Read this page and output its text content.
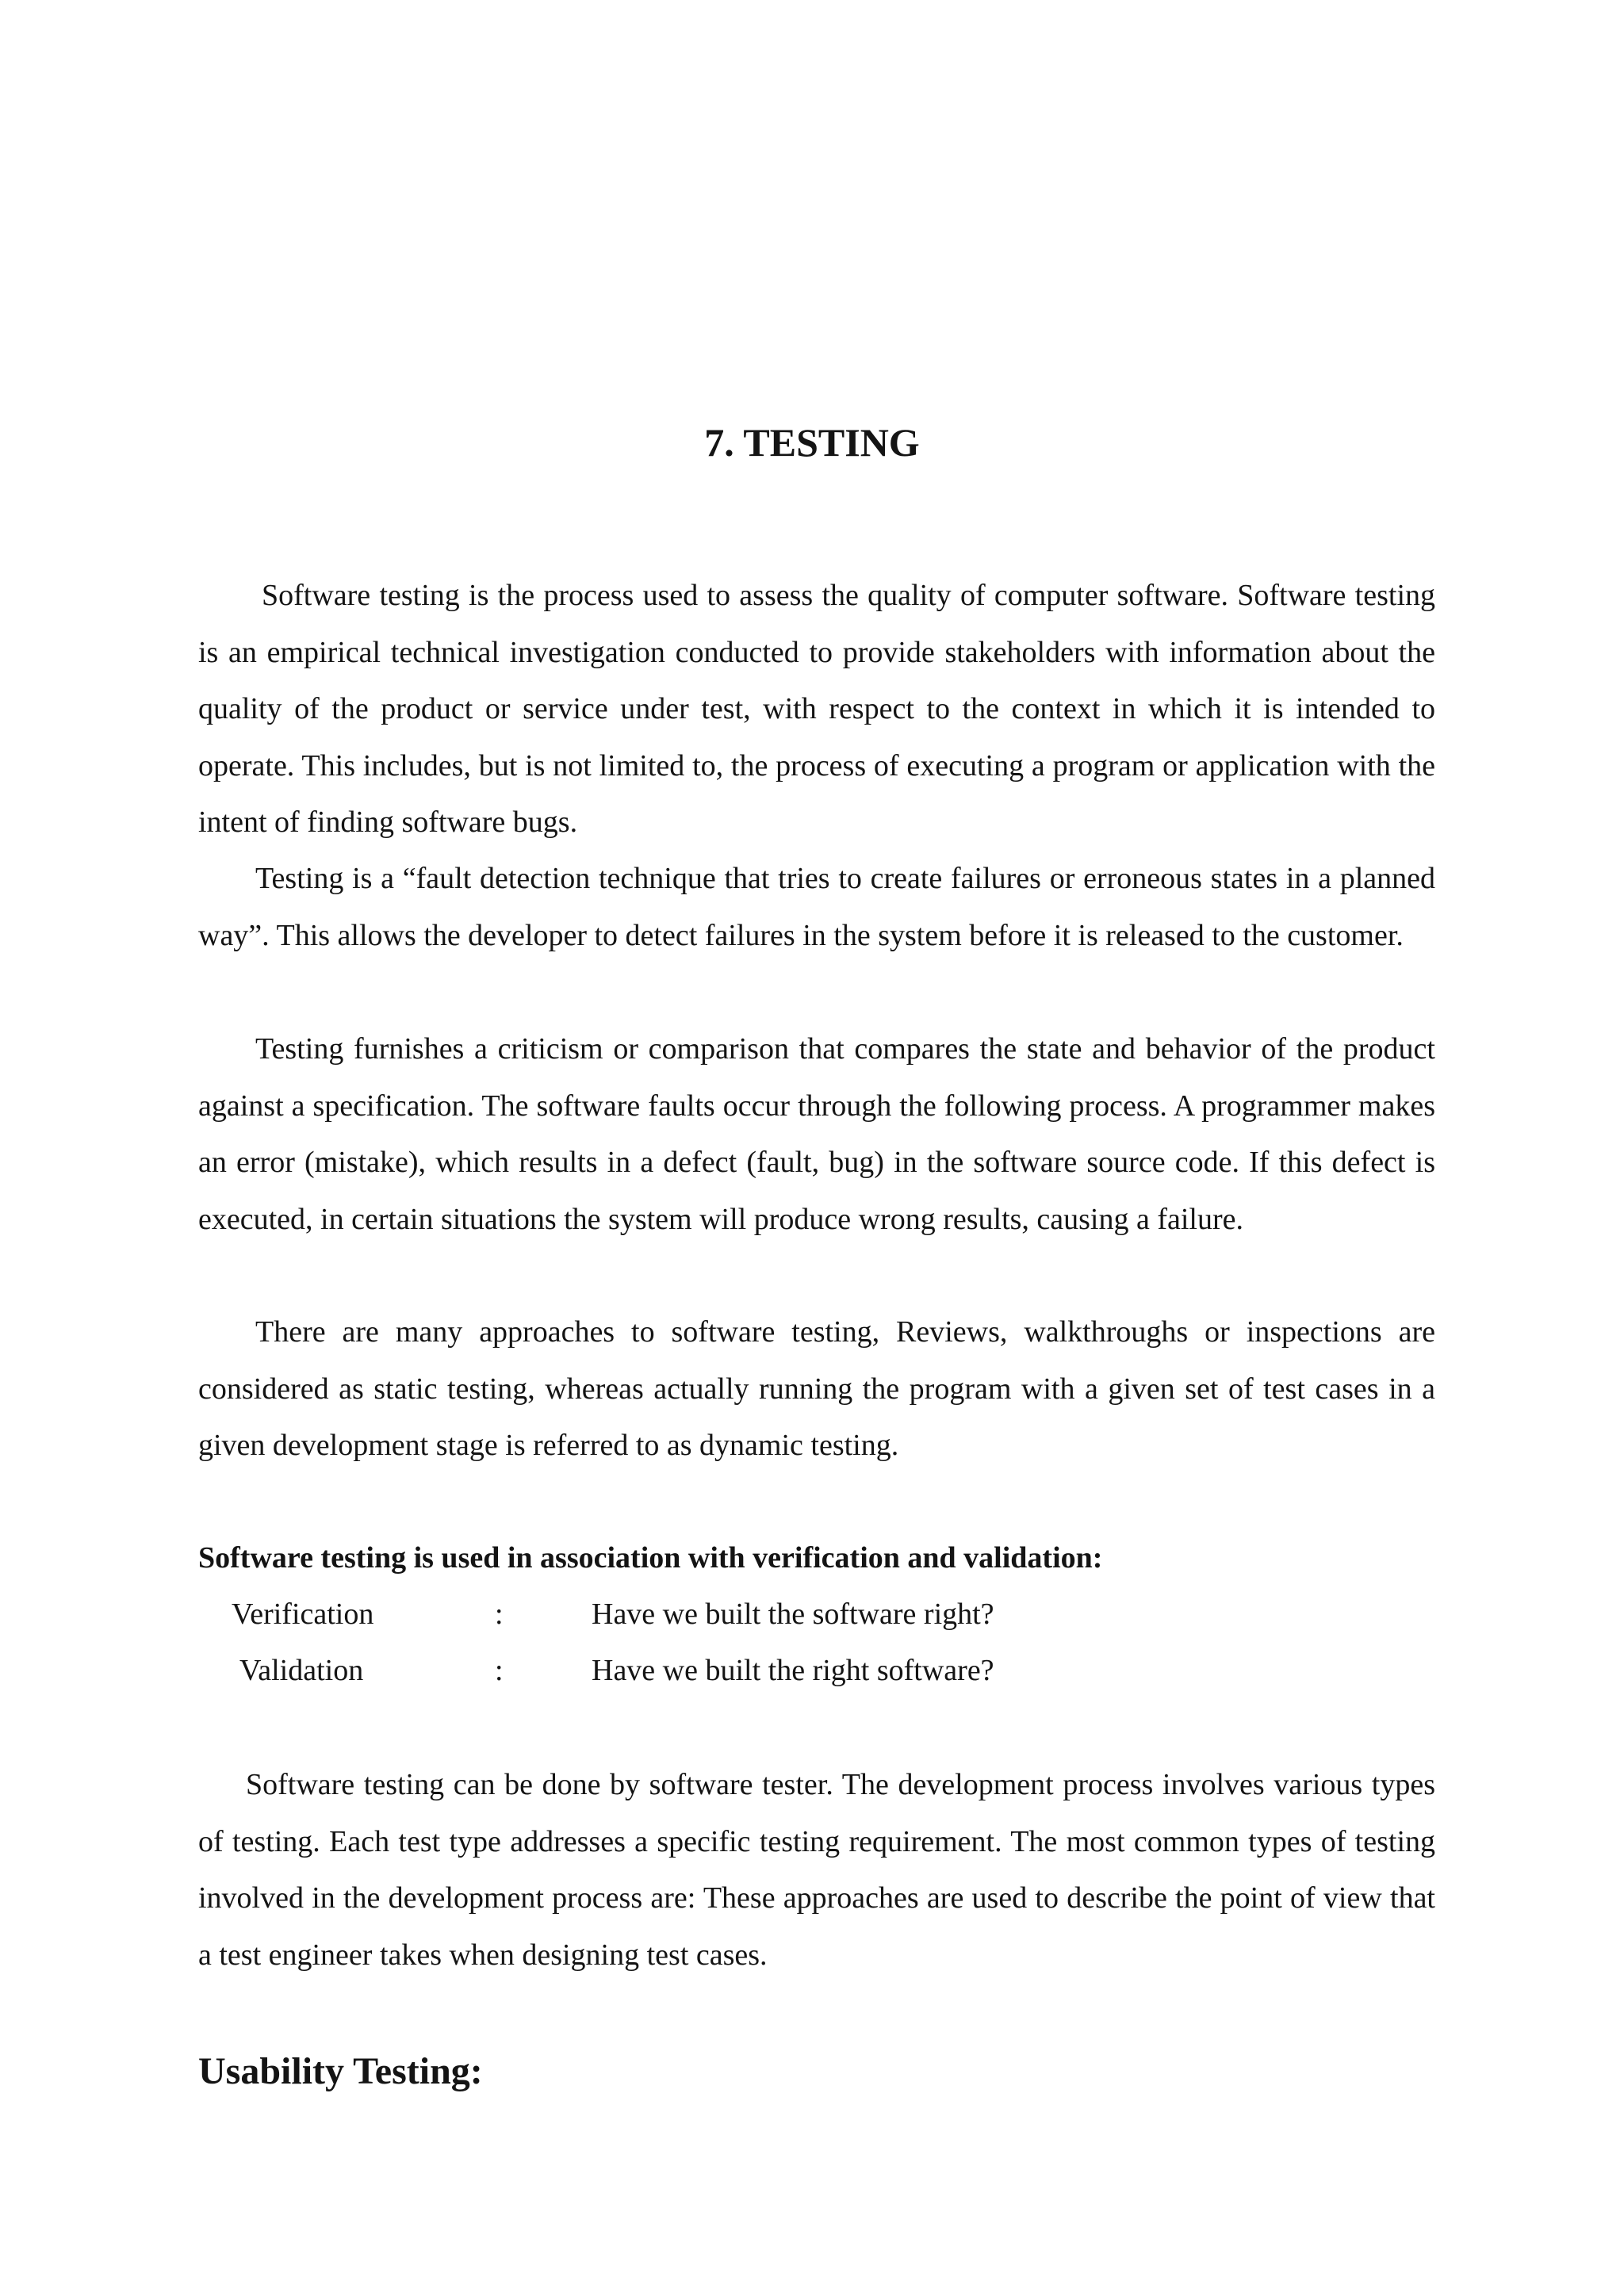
7. TESTING

Software testing is the process used to assess the quality of computer software. Software testing is an empirical technical investigation conducted to provide stakeholders with information about the quality of the product or service under test, with respect to the context in which it is intended to operate. This includes, but is not limited to, the process of executing a program or application with the intent of finding software bugs.

Testing is a “fault detection technique that tries to create failures or erroneous states in a planned way”. This allows the developer to detect failures in the system before it is released to the customer.

Testing furnishes a criticism or comparison that compares the state and behavior of the product against a specification. The software faults occur through the following process. A programmer makes an error (mistake), which results in a defect (fault, bug) in the software source code. If this defect is executed, in certain situations the system will produce wrong results, causing a failure.

There are many approaches to software testing, Reviews, walkthroughs or inspections are considered as static testing, whereas actually running the program with a given set of test cases in a given development stage is referred to as dynamic testing.

Software testing is used in association with verification and validation:

Verification	:	Have we built the software right?
Validation	:	Have we built the right software?

Software testing can be done by software tester. The development process involves various types of testing. Each test type addresses a specific testing requirement. The most common types of testing involved in the development process are: These approaches are used to describe the point of view that a test engineer takes when designing test cases.

Usability Testing:
